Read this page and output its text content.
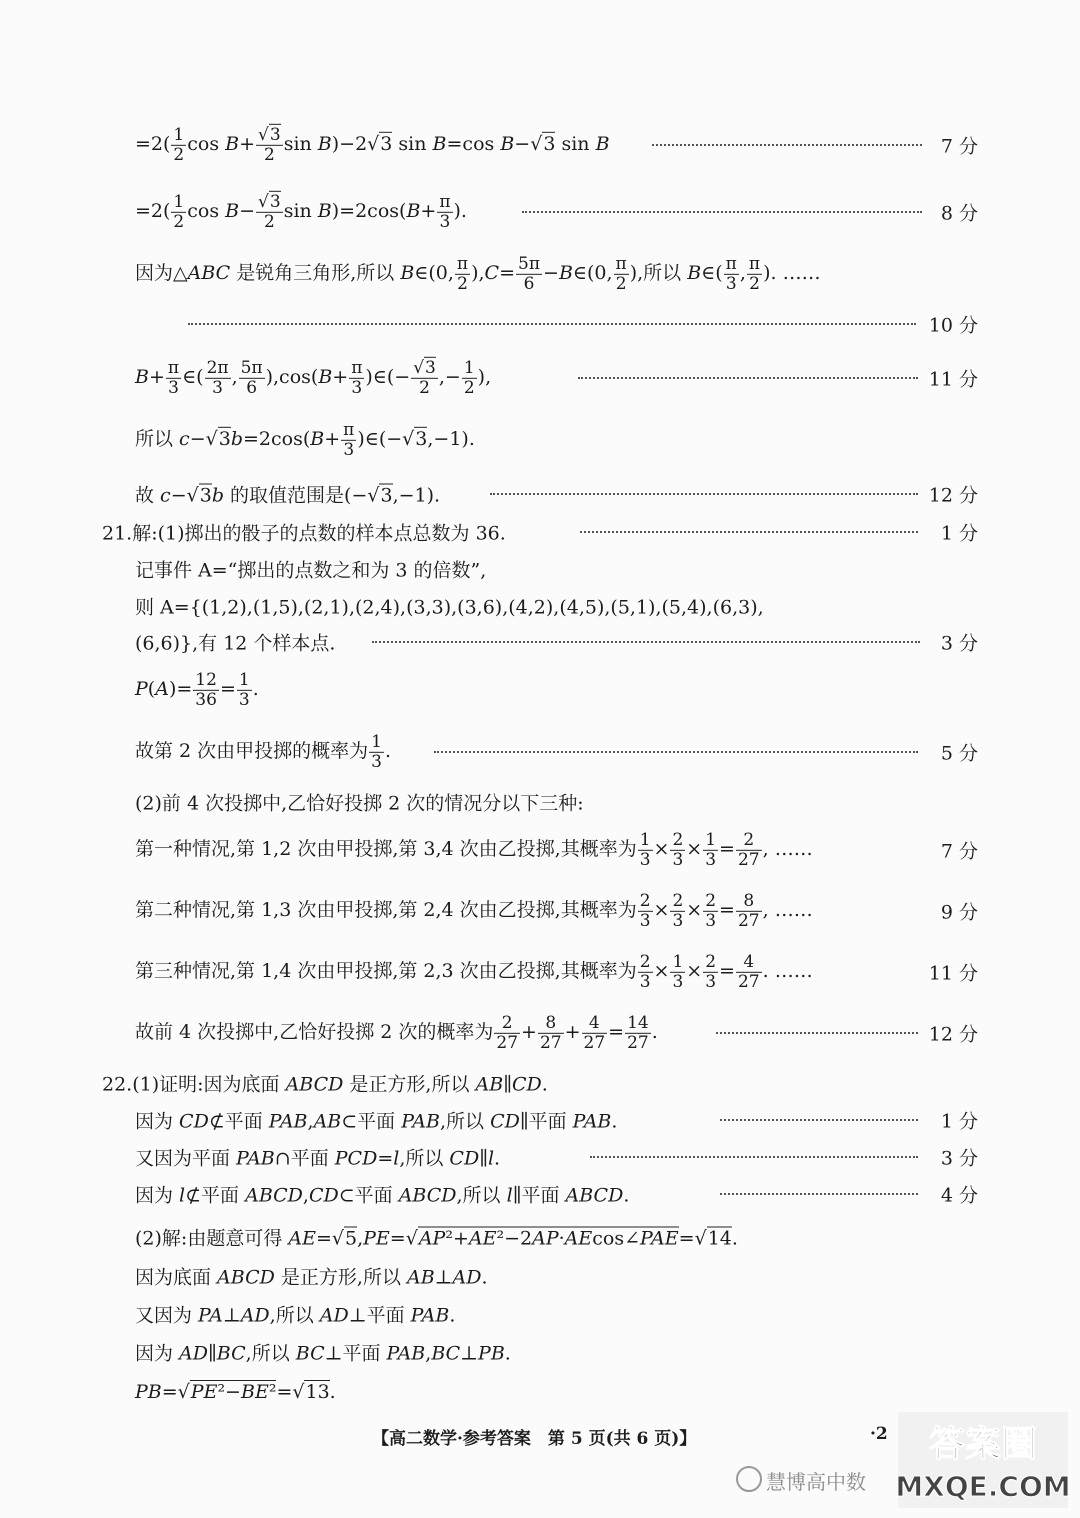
$=2( \frac{1}{2}$ $\cos B+ \frac{√3}{2}$ sin B)−2√3 sin B=cos B−√3 sin B	7 分
$=2( \frac{1}{2}$ $\cos B- \frac{√3}{2}$ $\sin B)=2\cos(B+ \frac{\pi}{3}$ ).	8 分
因为△ABC 是锐角三角形,所以 B∈(0, $\frac{\pi}{2} ),C= \frac{5\pi}{6}$ −B∈(0, $\frac{\pi}{2}$ ),所以 B∈( $\frac{\pi}{3}$ , $\frac{\pi}{2}$ ). ……
10 分
$B+ \frac{\pi}{3}$ ∈( $\frac{2\pi}{3}$ , $\frac{5\pi}{6} ),\cos(B+ \frac{\pi}{3}$ )∈(− $\frac{√3}{2}$ ,− $\frac{1}{2}$ ),	11 分
所以 $c-√3b=2\cos(B+ \frac{\pi}{3}$ )∈(−√3,−1).
故 c−√3b 的取值范围是(−√3,−1).	12 分
21.解:(1)掷出的骰子的点数的样本点总数为 36.	1 分
记事件 A=“掷出的点数之和为 3 的倍数”,
则 A={(1,2),(1,5),(2,1),(2,4),(3,3),(3,6),(4,2),(4,5),(5,1),(5,4),(6,3),
(6,6)},有 12 个样本点.	3 分
$P(A)= \frac{12}{36} = \frac{1}{3}$ .
故第 2 次由甲投掷的概率为 $\frac{1}{3}$ .	5 分
(2)前 4 次投掷中,乙恰好投掷 2 次的情况分以下三种:
第一种情况,第 1,2 次由甲投掷,第 3,4 次由乙投掷,其概率为 $\frac{1}{3} \times \frac{2}{3} \times \frac{1}{3} = \frac{2}{27}$ , ……	7 分
第二种情况,第 1,3 次由甲投掷,第 2,4 次由乙投掷,其概率为 $\frac{2}{3} \times \frac{2}{3} \times \frac{2}{3} = \frac{8}{27}$ , ……	9 分
第三种情况,第 1,4 次由甲投掷,第 2,3 次由乙投掷,其概率为 $\frac{2}{3} \times \frac{1}{3} \times \frac{2}{3} = \frac{4}{27}$ . ……	11 分
故前 4 次投掷中,乙恰好投掷 2 次的概率为 $\frac{2}{27} + \frac{8}{27} + \frac{4}{27} = \frac{14}{27}$ .	12 分
22.(1)证明:因为底面 ABCD 是正方形,所以 AB∥CD.
因为 CD⊄平面 PAB,AB⊂平面 PAB,所以 CD∥平面 PAB.	1 分
又因为平面 PAB∩平面 PCD=l,所以 CD∥l.	3 分
因为 l⊄平面 ABCD,CD⊂平面 ABCD,所以 l∥平面 ABCD.	4 分
(2)解:由题意可得 AE=√5,PE=√AP²+AE²−2AP·AEcos∠PAE=√14.
因为底面 ABCD 是正方形,所以 AB⊥AD.
又因为 PA⊥AD,所以 AD⊥平面 PAB.
因为 AD∥BC,所以 BC⊥平面 PAB,BC⊥PB.
PB=√PE²−BE²=√13.
【高二数学·参考答案　第 5 页(共 6 页)】	·2
慧博高中数
答案圈
MXQE.COM
